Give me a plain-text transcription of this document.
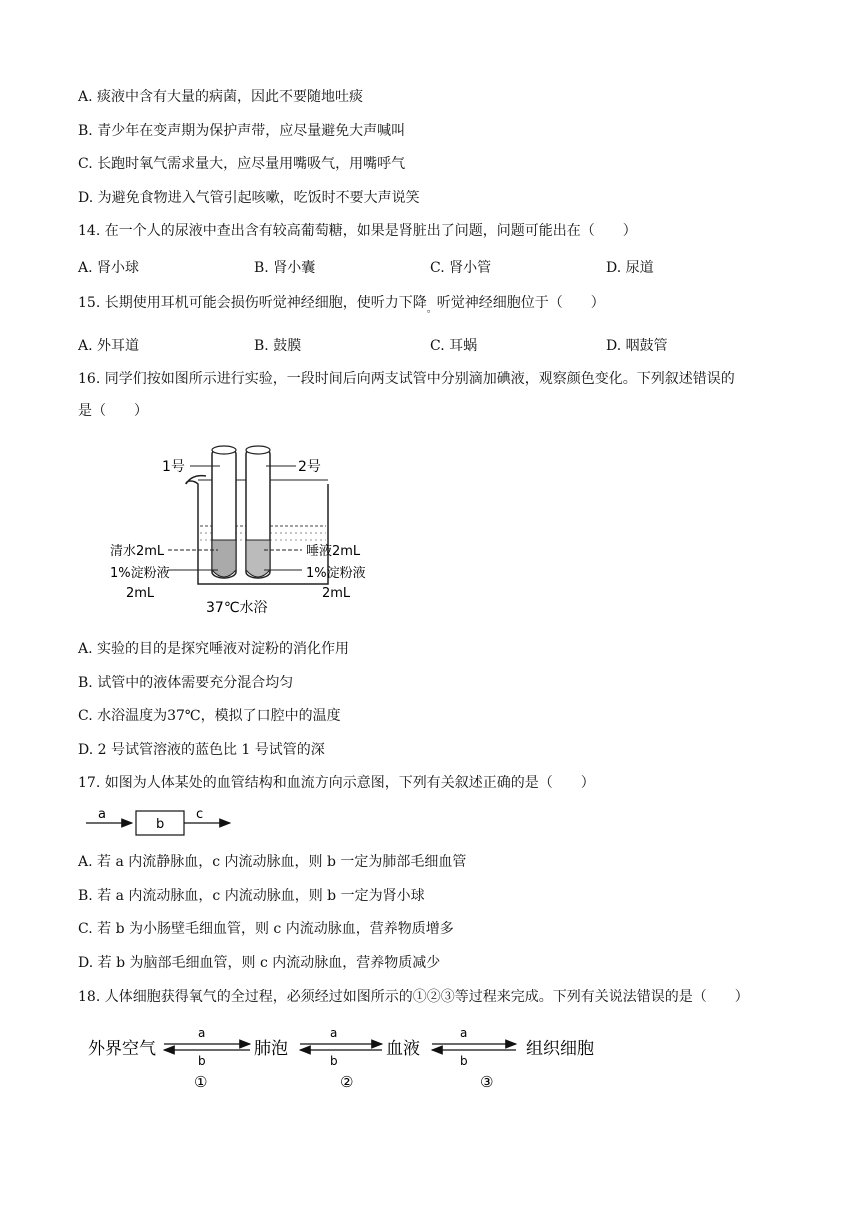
A. 痰液中含有大量的病菌，因此不要随地吐痰
B. 青少年在变声期为保护声带，应尽量避免大声喊叫
C. 长跑时氧气需求量大，应尽量用嘴吸气，用嘴呼气
D. 为避免食物进入气管引起咳嗽，吃饭时不要大声说笑
14. 在一个人的尿液中查出含有较高葡萄糖，如果是肾脏出了问题，问题可能出在（　　）
A. 肾小球	B. 肾小囊	C. 肾小管	D. 尿道
15. 长期使用耳机可能会损伤听觉神经细胞，使听力下降$_。$听觉神经细胞位于（　　）
A. 外耳道	B. 鼓膜	C. 耳蜗	D. 咽鼓管
16. 同学们按如图所示进行实验，一段时间后向两支试管中分别滴加碘液，观察颜色变化。下列叙述错误的
是（　　）
1号	2号
清水2mL
1%淀粉液
2mL
唾液2mL
1%淀粉液
2mL
37℃水浴
A. 实验的目的是探究唾液对淀粉的消化作用
B. 试管中的液体需要充分混合均匀
C. 水浴温度为37℃，模拟了口腔中的温度
D. 2 号试管溶液的蓝色比 1 号试管的深
17. 如图为人体某处的血管结构和血流方向示意图，下列有关叙述正确的是（　　）
a
b
c
A. 若 a 内流静脉血，c 内流动脉血，则 b 一定为肺部毛细血管
B. 若 a 内流动脉血，c 内流动脉血，则 b 一定为肾小球
C. 若 b 为小肠壁毛细血管，则 c 内流动脉血，营养物质增多
D. 若 b 为脑部毛细血管，则 c 内流动脉血，营养物质减少
18. 人体细胞获得氧气的全过程，必须经过如图所示的①②③等过程来完成。下列有关说法错误的是（　　）
外界空气	肺泡	血液	组织细胞
a
b
①
a
b
②
a
b
③
